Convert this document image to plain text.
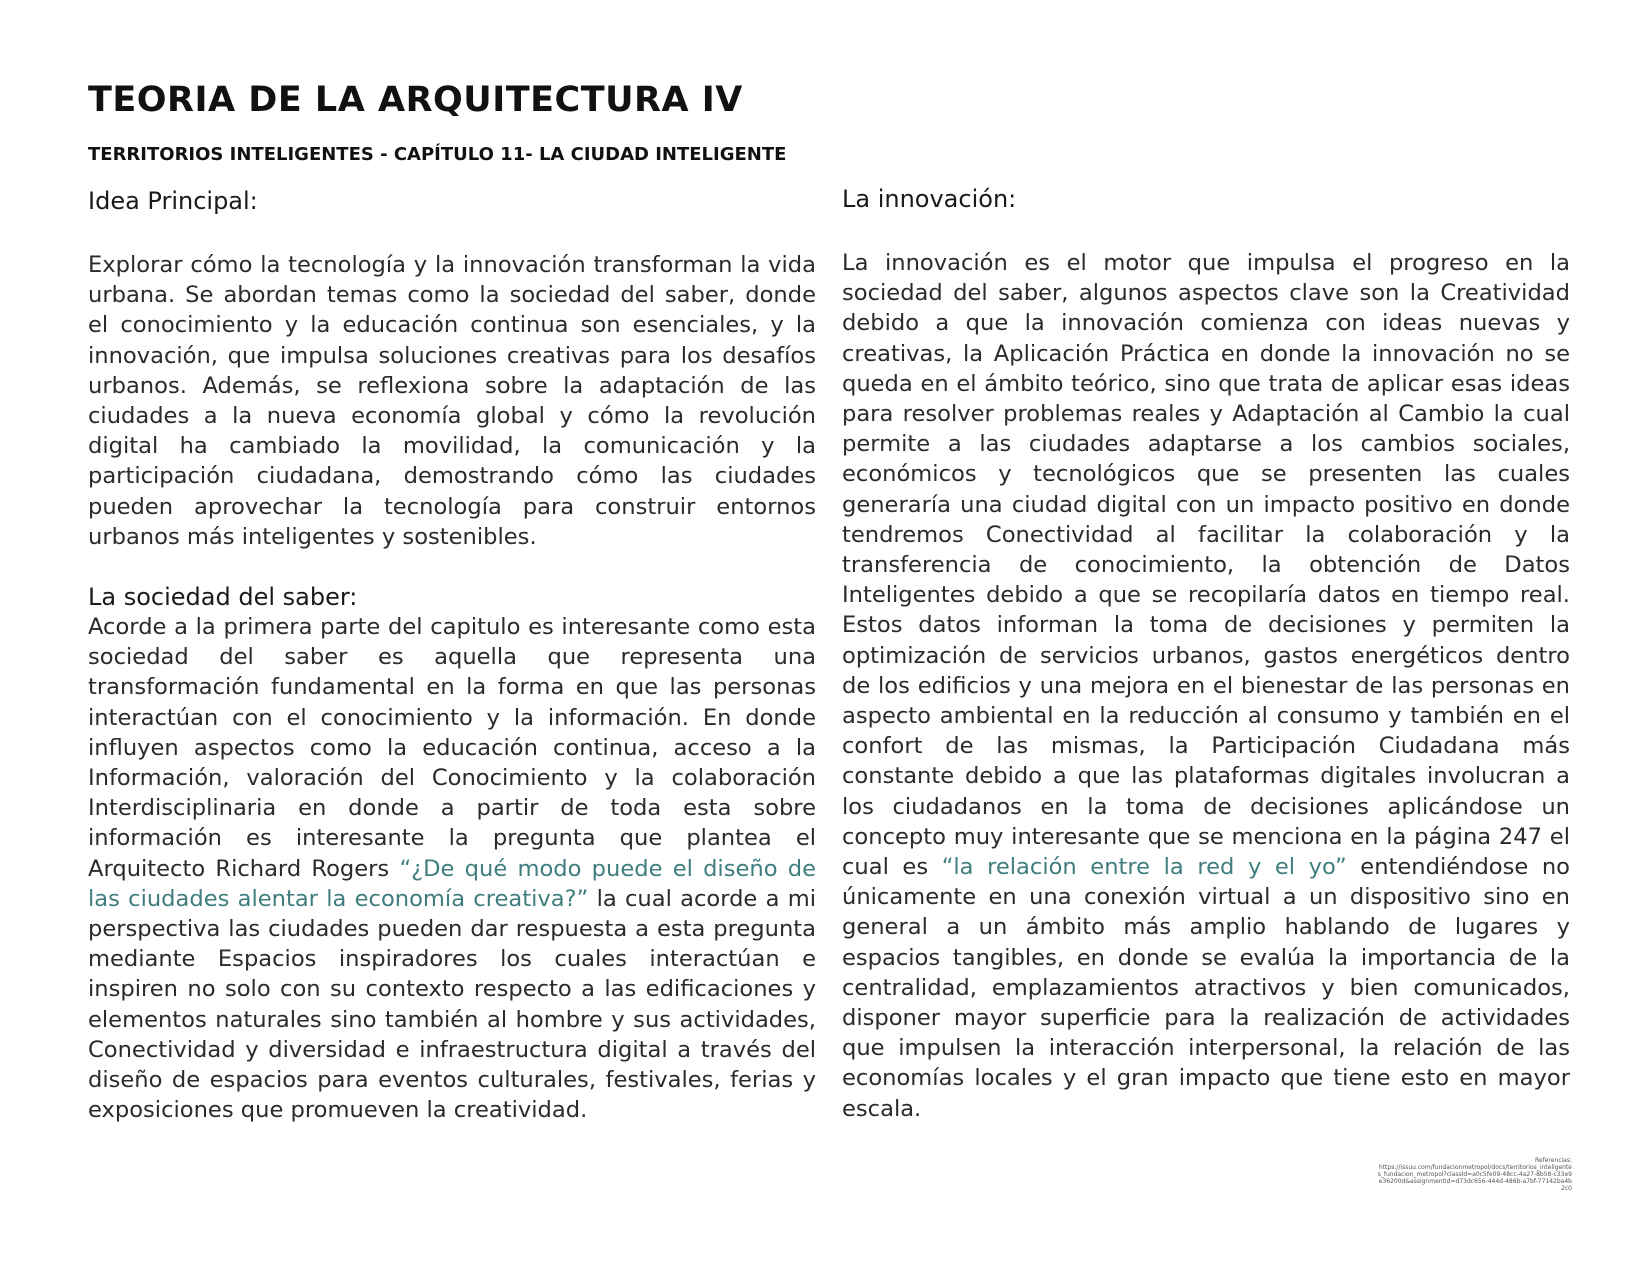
TEORIA DE LA ARQUITECTURA IV

TERRITORIOS INTELIGENTES - CAPÍTULO 11- LA CIUDAD INTELIGENTE

Idea Principal:

Explorar cómo la tecnología y la innovación transforman la vida urbana. Se abordan temas como la sociedad del saber, donde el conocimiento y la educación continua son esenciales, y la innovación, que impulsa soluciones creativas para los desafíos urbanos. Además, se reflexiona sobre la adaptación de las ciudades a la nueva economía global y cómo la revolución digital ha cambiado la movilidad, la comunicación y la participación ciudadana, demostrando cómo las ciudades pueden aprovechar la tecnología para construir entornos urbanos más inteligentes y sostenibles.

La sociedad del saber:

Acorde a la primera parte del capitulo es interesante como esta sociedad del saber es aquella que representa una transformación fundamental en la forma en que las personas interactúan con el conocimiento y la información. En donde influyen aspectos como la educación continua, acceso a la Información, valoración del Conocimiento y la colaboración Interdisciplinaria en donde a partir de toda esta sobre información es interesante la pregunta que plantea el Arquitecto Richard Rogers “¿De qué modo puede el diseño de las ciudades alentar la economía creativa?” la cual acorde a mi perspectiva las ciudades pueden dar respuesta a esta pregunta mediante Espacios inspiradores los cuales interactúan e inspiren no solo con su contexto respecto a las edificaciones y elementos naturales sino también al hombre y sus actividades, Conectividad y diversidad e infraestructura digital a través del diseño de espacios para eventos culturales, festivales, ferias y exposiciones que promueven la creatividad.

La innovación:

La innovación es el motor que impulsa el progreso en la sociedad del saber, algunos aspectos clave son la Creatividad debido a que la innovación comienza con ideas nuevas y creativas, la Aplicación Práctica en donde la innovación no se queda en el ámbito teórico, sino que trata de aplicar esas ideas para resolver problemas reales y Adaptación al Cambio la cual permite a las ciudades adaptarse a los cambios sociales, económicos y tecnológicos que se presenten las cuales generaría una ciudad digital con un impacto positivo en donde tendremos Conectividad al facilitar la colaboración y la transferencia de conocimiento, la obtención de Datos Inteligentes debido a que se recopilaría datos en tiempo real. Estos datos informan la toma de decisiones y permiten la optimización de servicios urbanos, gastos energéticos dentro de los edificios y una mejora en el bienestar de las personas en aspecto ambiental en la reducción al consumo y también en el confort de las mismas, la Participación Ciudadana más constante debido a que las plataformas digitales involucran a los ciudadanos en la toma de decisiones aplicándose un concepto muy interesante que se menciona en la página 247 el cual es “la relación entre la red y el yo” entendiéndose no únicamente en una conexión virtual a un dispositivo sino en general a un ámbito más amplio hablando de lugares y espacios tangibles, en donde se evalúa la importancia de la centralidad, emplazamientos atractivos y bien comunicados, disponer mayor superficie para la realización de actividades que impulsen la interacción interpersonal, la relación de las economías locales y el gran impacto que tiene esto en mayor escala.

Referencias:
https://issuu.com/fundacionmetropol/docs/territorios_inteligentes_fundacion_metropol?classId=a0c5fe09-48cc-4a27-8b58-c33e9e36200d&assignmentId=d73dc656-444d-486b-a7bf-77142ba4b2c0
